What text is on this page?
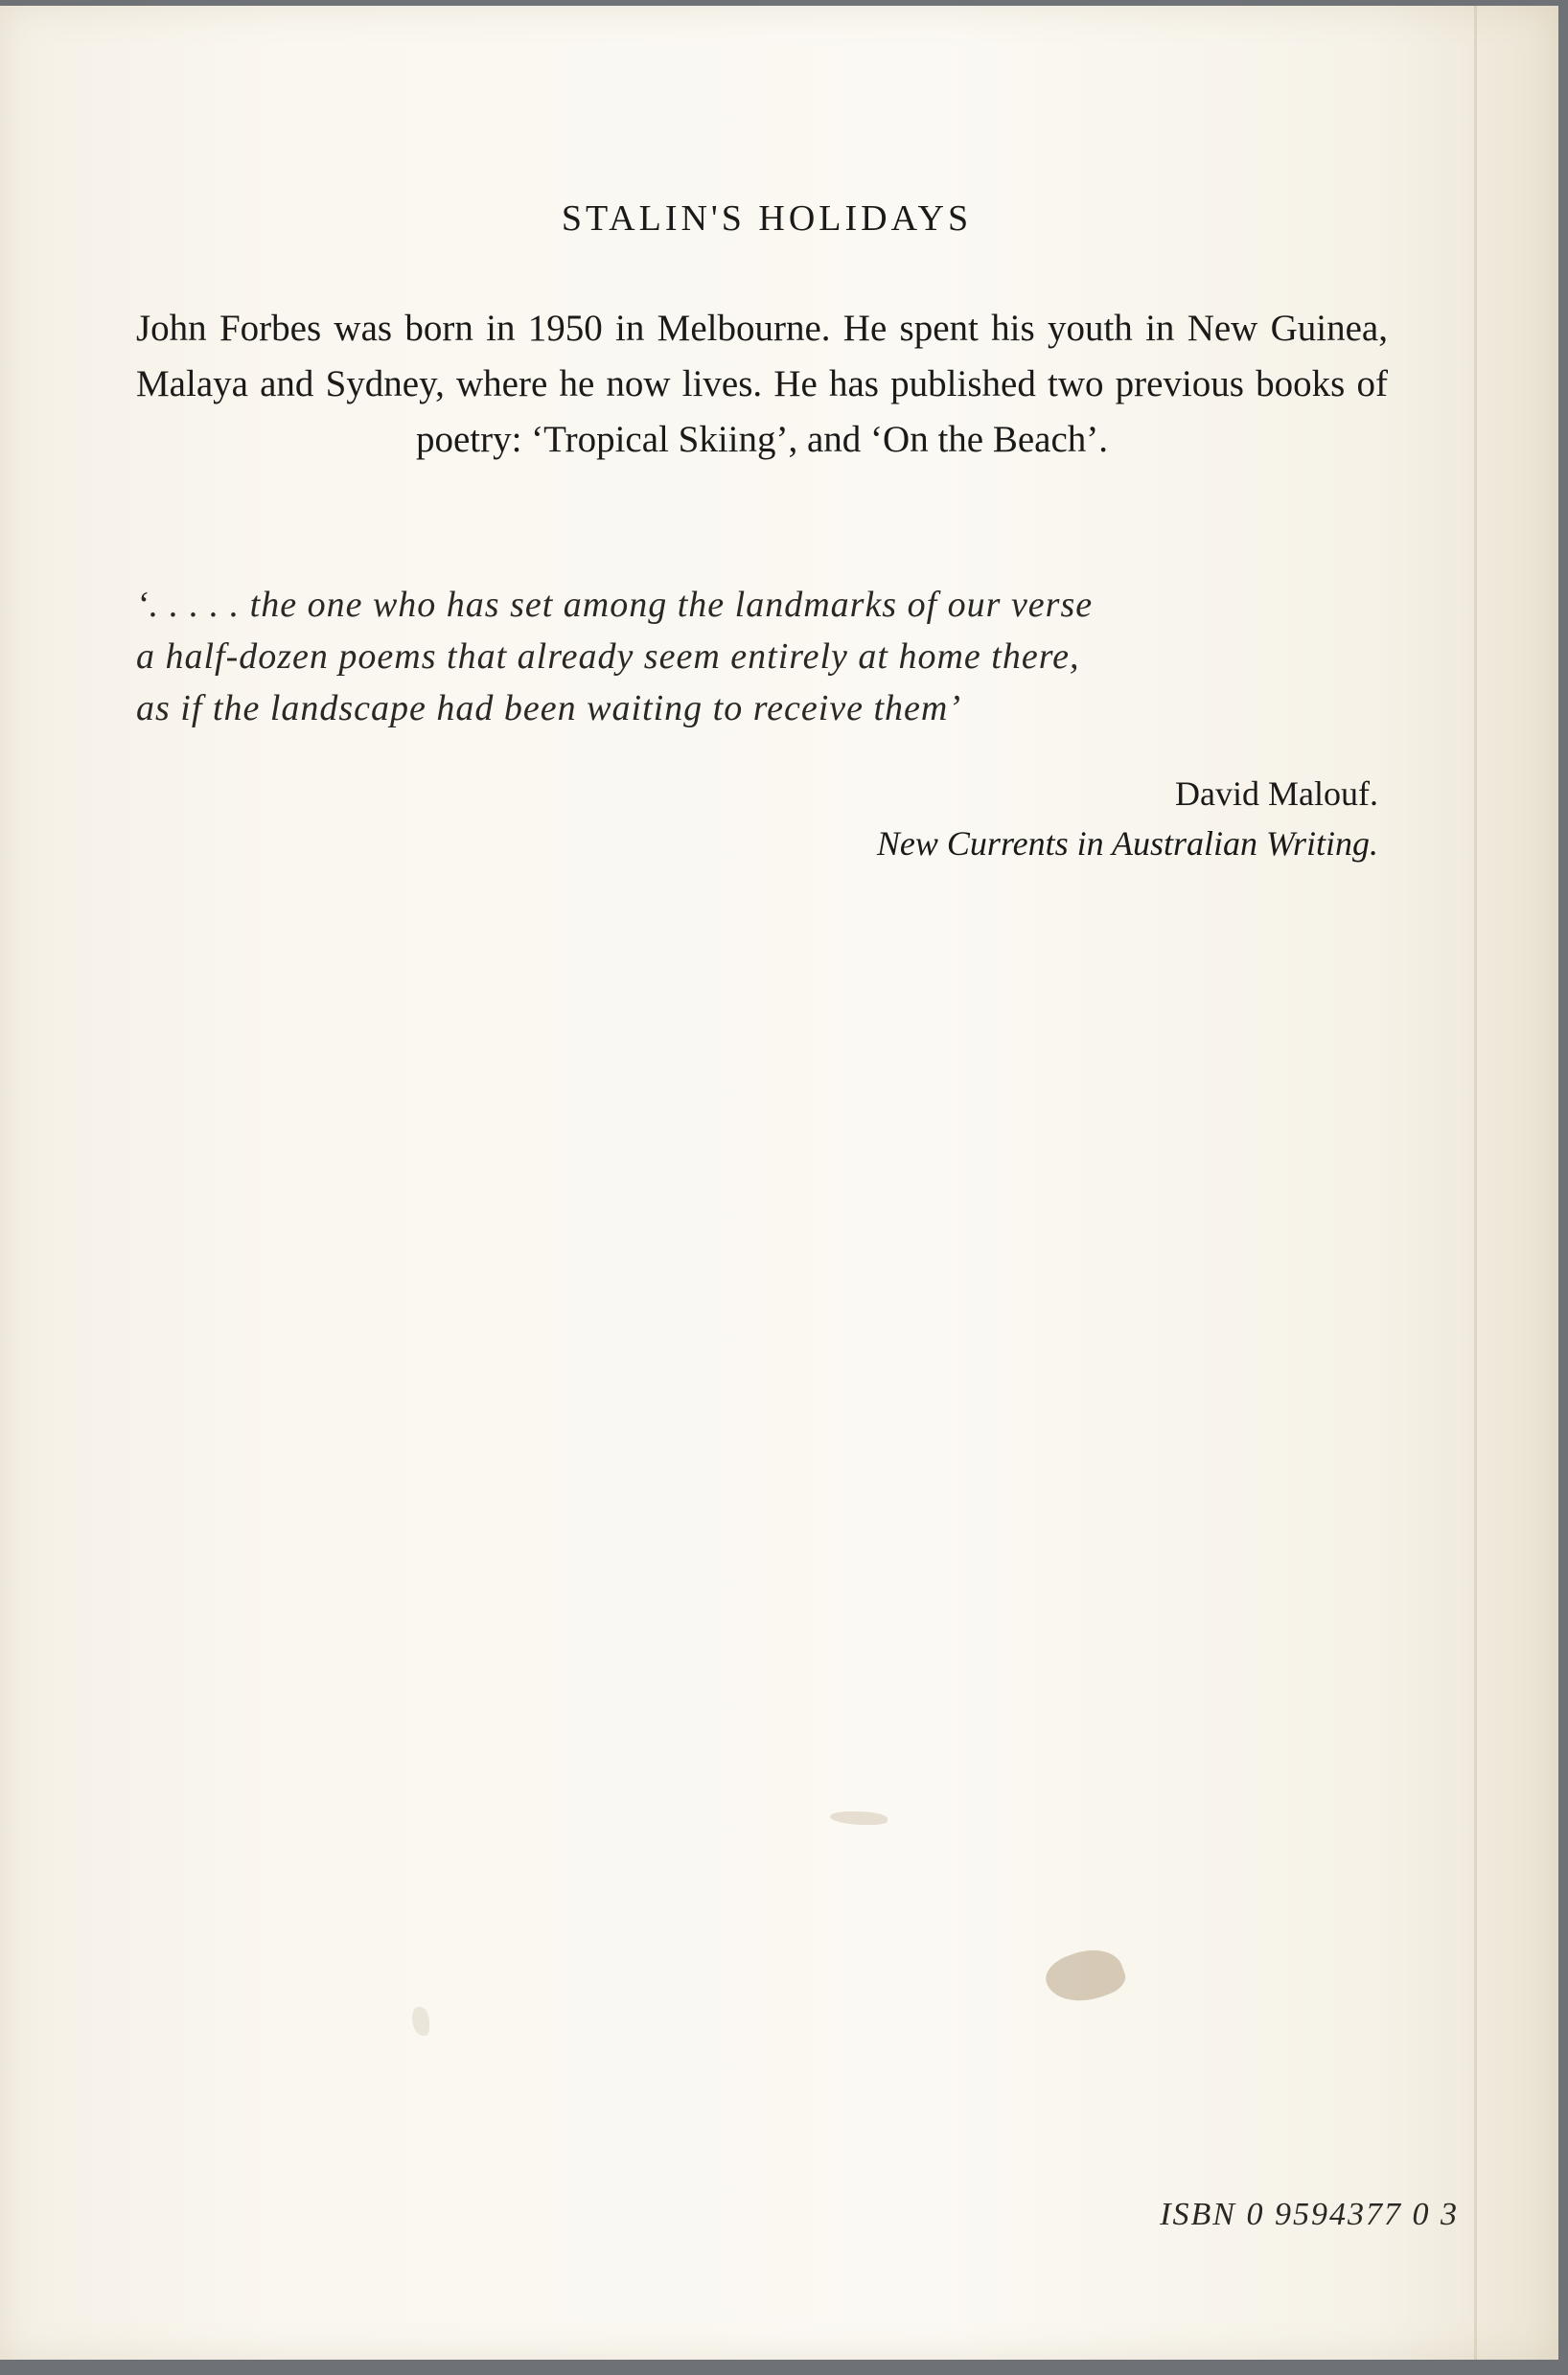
STALIN'S HOLIDAYS

John Forbes was born in 1950 in Melbourne. He spent his youth in New Guinea, Malaya and Sydney, where he now lives. He has published two previous books of poetry: ‘Tropical Skiing’, and ‘On the Beach’.

‘. . . . . the one who has set among the landmarks of our verse
a half-dozen poems that already seem entirely at home there,
as if the landscape had been waiting to receive them’
David Malouf.
New Currents in Australian Writing.
ISBN 0 9594377 0 3
